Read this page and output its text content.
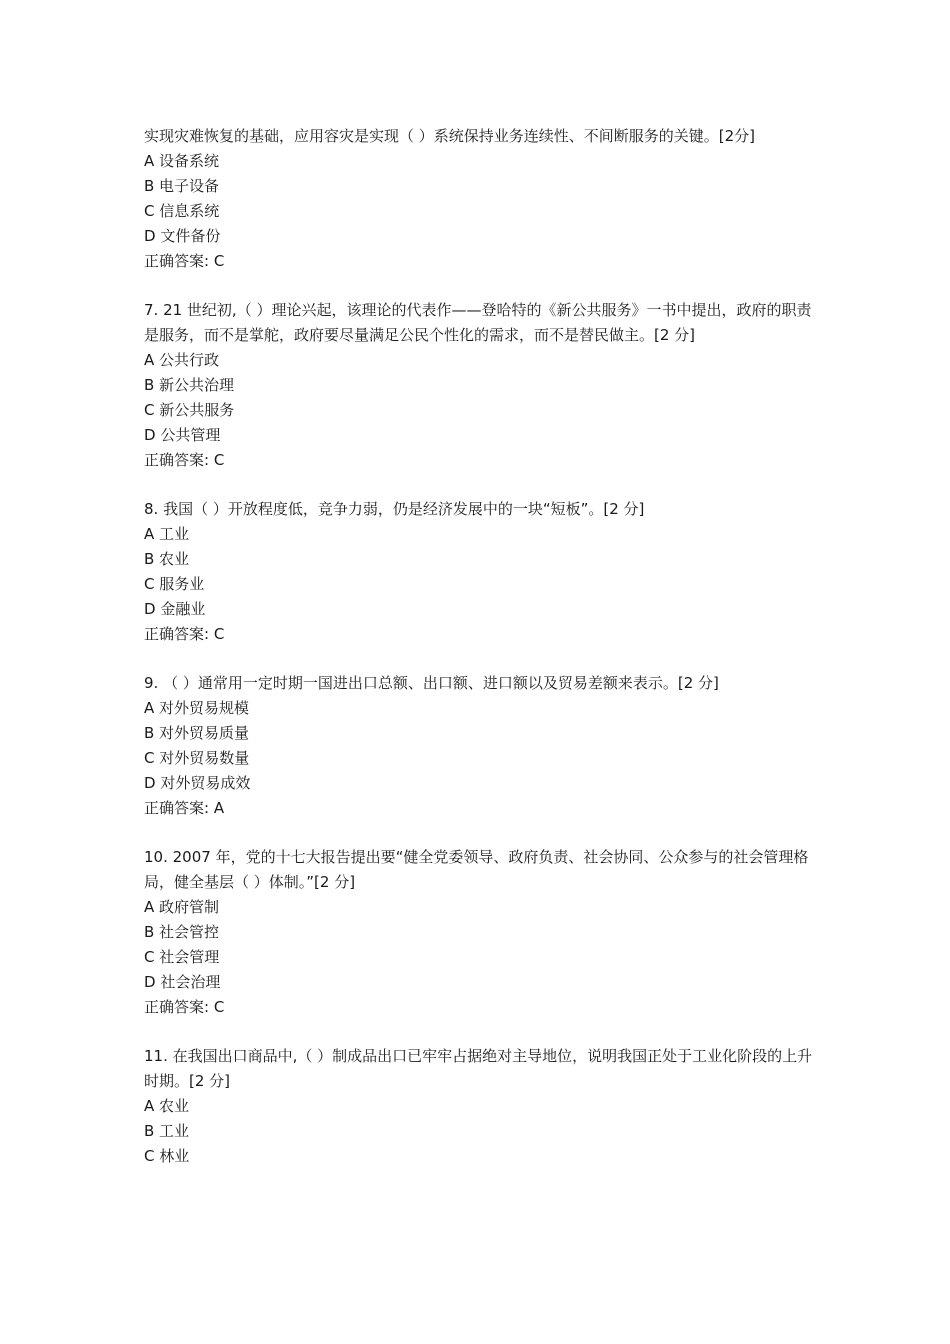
实现灾难恢复的基础，应用容灾是实现（ ）系统保持业务连续性、不间断服务的关键。[2分]
A 设备系统
B 电子设备
C 信息系统
D 文件备份
正确答案: C
7. 21 世纪初,（ ）理论兴起，该理论的代表作——登哈特的《新公共服务》一书中提出，政府的职责是服务，而不是掌舵，政府要尽量满足公民个性化的需求，而不是替民做主。[2 分]
A 公共行政
B 新公共治理
C 新公共服务
D 公共管理
正确答案: C
8. 我国（ ）开放程度低，竞争力弱，仍是经济发展中的一块“短板”。[2 分]
A 工业
B 农业
C 服务业
D 金融业
正确答案: C
9. （ ）通常用一定时期一国进出口总额、出口额、进口额以及贸易差额来表示。[2 分]
A 对外贸易规模
B 对外贸易质量
C 对外贸易数量
D 对外贸易成效
正确答案: A
10. 2007 年，党的十七大报告提出要“健全党委领导、政府负责、社会协同、公众参与的社会管理格局，健全基层（ ）体制。”[2 分]
A 政府管制
B 社会管控
C 社会管理
D 社会治理
正确答案: C
11. 在我国出口商品中,（ ）制成品出口已牢牢占据绝对主导地位，说明我国正处于工业化阶段的上升时期。[2 分]
A 农业
B 工业
C 林业
